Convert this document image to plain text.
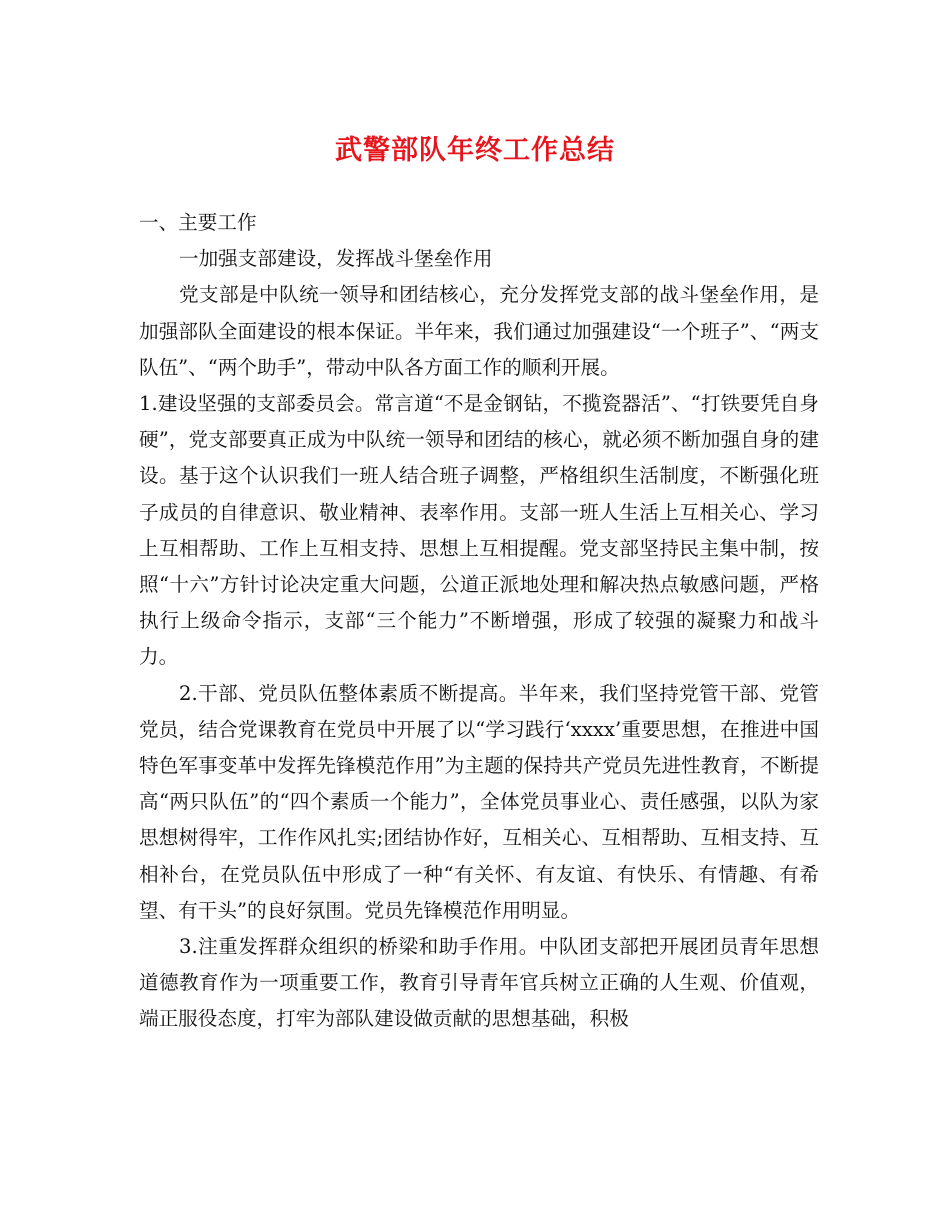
武警部队年终工作总结

一、主要工作

一加强支部建设，发挥战斗堡垒作用

党支部是中队统一领导和团结核心，充分发挥党支部的战斗堡垒作用，是加强部队全面建设的根本保证。半年来，我们通过加强建设“一个班子”、“两支队伍”、“两个助手”，带动中队各方面工作的顺利开展。

1.建设坚强的支部委员会。常言道“不是金钢钻，不揽瓷器活”、“打铁要凭自身硬”，党支部要真正成为中队统一领导和团结的核心，就必须不断加强自身的建设。基于这个认识我们一班人结合班子调整，严格组织生活制度，不断强化班子成员的自律意识、敬业精神、表率作用。支部一班人生活上互相关心、学习上互相帮助、工作上互相支持、思想上互相提醒。党支部坚持民主集中制，按照“十六”方针讨论决定重大问题，公道正派地处理和解决热点敏感问题，严格执行上级命令指示，支部“三个能力”不断增强，形成了较强的凝聚力和战斗力。

2.干部、党员队伍整体素质不断提高。半年来，我们坚持党管干部、党管党员，结合党课教育在党员中开展了以“学习践行‘xxxx’重要思想，在推进中国特色军事变革中发挥先锋模范作用”为主题的保持共产党员先进性教育，不断提高“两只队伍”的“四个素质一个能力”，全体党员事业心、责任感强，以队为家思想树得牢，工作作风扎实;团结协作好，互相关心、互相帮助、互相支持、互相补台，在党员队伍中形成了一种“有关怀、有友谊、有快乐、有情趣、有希望、有干头”的良好氛围。党员先锋模范作用明显。

3.注重发挥群众组织的桥梁和助手作用。中队团支部把开展团员青年思想道德教育作为一项重要工作，教育引导青年官兵树立正确的人生观、价值观，端正服役态度，打牢为部队建设做贡献的思想基础，积极
